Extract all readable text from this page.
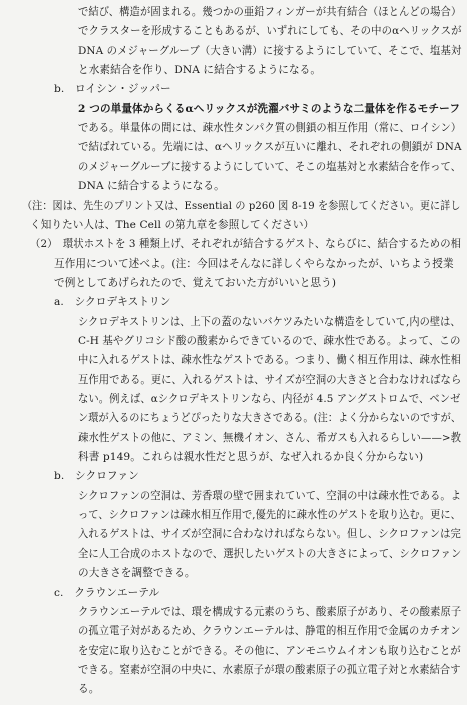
で結び、構造が固まれる。幾つかの亜鉛フィンガーが共有結合（ほとんどの場合）
でクラスターを形成することもあるが、いずれにしても、その中のαヘリックスが
DNA のメジャーグルーブ（大きい溝）に接するようにしていて、そこで、塩基対
と水素結合を作り、DNA に結合するようになる。
b.　ロイシン・ジッパー
2 つの単量体からくるαヘリックスが洗濯バサミのような二量体を作るモチーフ
である。単量体の間には、疎水性タンパク質の側鎖の相互作用（常に、ロイシン）
で結ばれている。先端には、αヘリックスが互いに離れ、それぞれの側鎖が DNA
のメジャーグルーブに接するようにしていて、そこの塩基対と水素結合を作って、
DNA に結合するようになる。
（注：図は、先生のプリント又は、Essential の p260 図 8-19 を参照してください。更に詳し
く知りたい人は、The Cell の第九章を参照してください）
（2）　環状ホストを 3 種類上げ、それぞれが結合するゲスト、ならびに、結合するための相
互作用について述べよ。(注：今回はそんなに詳しくやらなかったが、いちよう授業
で例としてあげられたので、覚えておいた方がいいと思う)
a.　シクロデキストリン
シクロデキストリンは、上下の蓋のないバケツみたいな構造をしていて,内の壁は、
C-H 基やグリコシド酸の酸素からできているので、疎水性である。よって、この
中に入れるゲストは、疎水性なゲストである。つまり、働く相互作用は、疎水性相
互作用である。更に、入れるゲストは、サイズが空洞の大きさと合わなければなら
ない。例えば、αシクロデキストリンなら、内径が 4.5 アングストロムで、ベンゼ
ン環が入るのにちょうどぴったりな大きさである。(注：よく分からないのですが、
疎水性ゲストの他に、アミン、無機イオン、さん、希ガスも入れるらしい——>教
科書 p149。これらは親水性だと思うが、なぜ入れるか良く分からない)
b.　シクロファン
シクロファンの空洞は、芳香環の壁で囲まれていて、空洞の中は疎水性である。よ
って、シクロファンは疎水相互作用で,優先的に疎水性のゲストを取り込む。更に、
入れるゲストは、サイズが空洞に合わなければならない。但し、シクロファンは完
全に人工合成のホストなので、選択したいゲストの大きさによって、シクロファン
の大きさを調整できる。
c.　クラウンエーテル
クラウンエーテルでは、環を構成する元素のうち、酸素原子があり、その酸素原子
の孤立電子対があるため、クラウンエーテルは、静電的相互作用で金属のカチオン
を安定に取り込むことができる。その他に、アンモニウムイオンも取り込むことが
できる。窒素が空洞の中央に、水素原子が環の酸素原子の孤立電子対と水素結合す
る。
